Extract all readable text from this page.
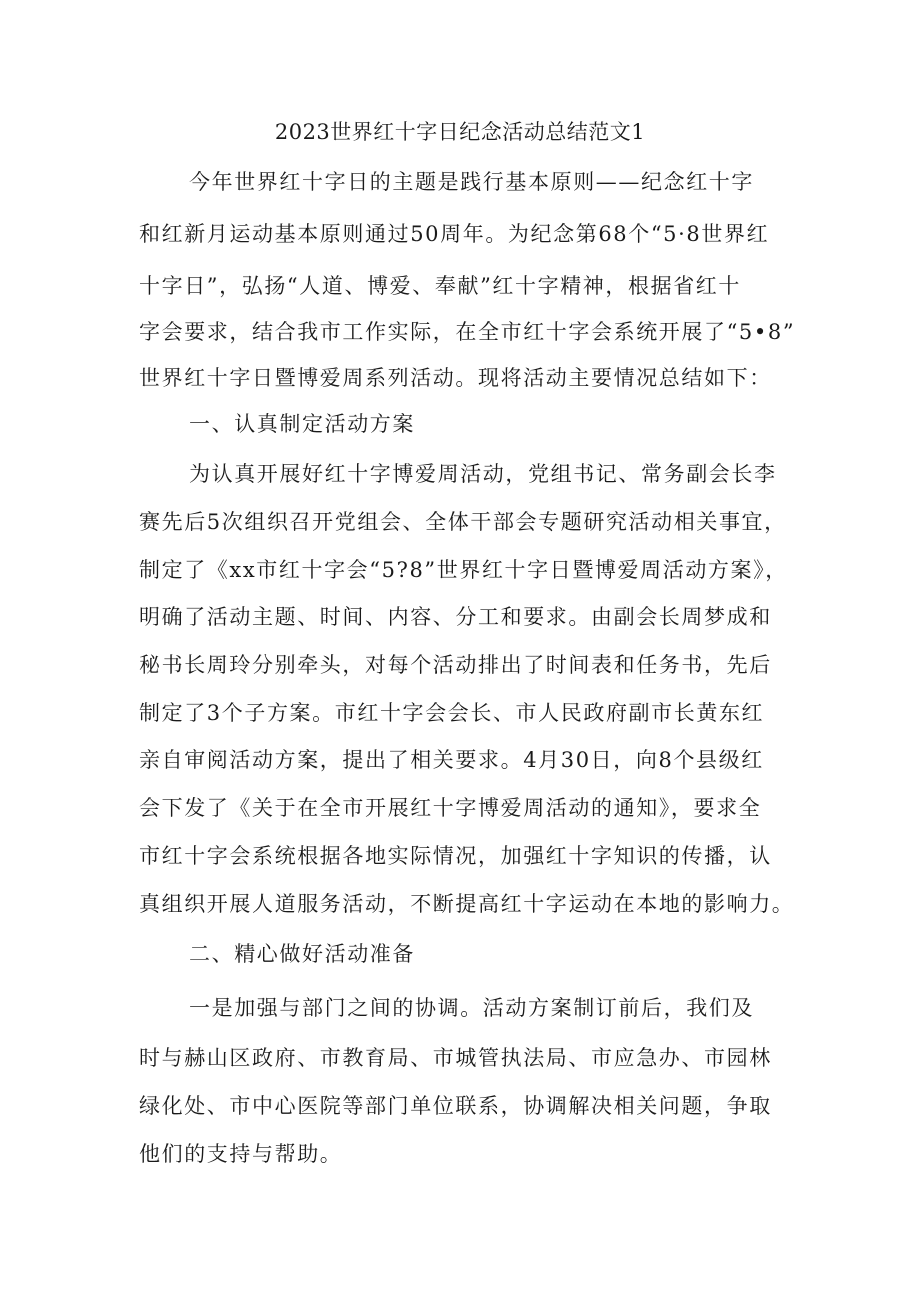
2023世界红十字日纪念活动总结范文1
今年世界红十字日的主题是践行基本原则——纪念红十字
和红新月运动基本原则通过50周年。为纪念第68个“5·8世界红
十字日”，弘扬“人道、博爱、奉献”红十字精神，根据省红十
字会要求，结合我市工作实际，在全市红十字会系统开展了“5•8”
世界红十字日暨博爱周系列活动。现将活动主要情况总结如下：
一、认真制定活动方案
为认真开展好红十字博爱周活动，党组书记、常务副会长李
赛先后5次组织召开党组会、全体干部会专题研究活动相关事宜，
制定了《xx市红十字会“5?8”世界红十字日暨博爱周活动方案》，
明确了活动主题、时间、内容、分工和要求。由副会长周梦成和
秘书长周玲分别牵头，对每个活动排出了时间表和任务书，先后
制定了3个子方案。市红十字会会长、市人民政府副市长黄东红
亲自审阅活动方案，提出了相关要求。4月30日，向8个县级红
会下发了《关于在全市开展红十字博爱周活动的通知》，要求全
市红十字会系统根据各地实际情况，加强红十字知识的传播，认
真组织开展人道服务活动，不断提高红十字运动在本地的影响力。
二、精心做好活动准备
一是加强与部门之间的协调。活动方案制订前后，我们及
时与赫山区政府、市教育局、市城管执法局、市应急办、市园林
绿化处、市中心医院等部门单位联系，协调解决相关问题，争取
他们的支持与帮助。
